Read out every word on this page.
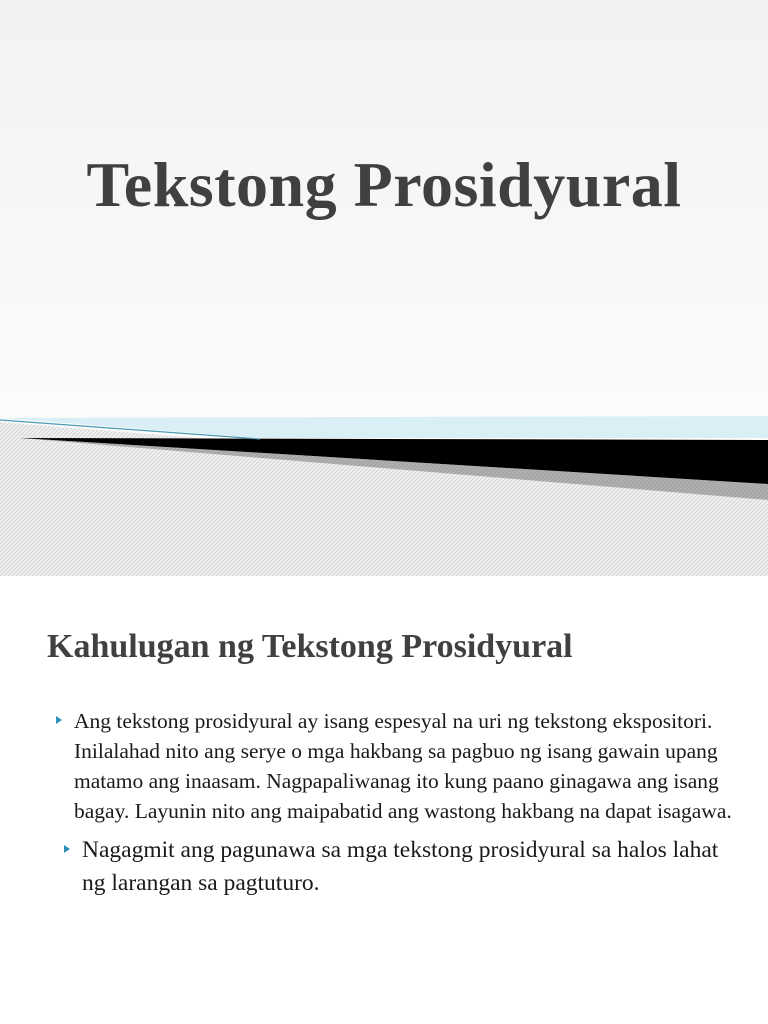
Tekstong Prosidyural
Kahulugan ng Tekstong Prosidyural
Ang tekstong prosidyural ay isang espesyal na uri ng tekstong ekspositori. Inilalahad nito ang serye o mga hakbang sa pagbuo ng isang gawain upang matamo ang inaasam. Nagpapaliwanag ito kung paano ginagawa ang isang bagay. Layunin nito ang maipabatid ang wastong hakbang na dapat isagawa.
Nagagmit ang pagunawa sa mga tekstong prosidyural sa halos lahat ng larangan sa pagtuturo.
